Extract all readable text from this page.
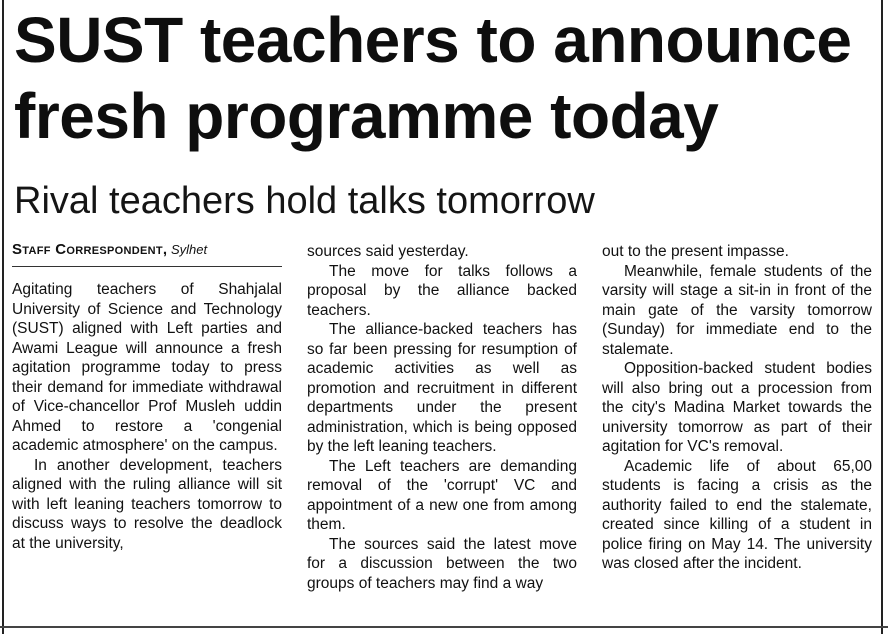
SUST teachers to announce fresh programme today
Rival teachers hold talks tomorrow
Staff Correspondent, Sylhet

Agitating teachers of Shahjalal University of Science and Technology (SUST) aligned with Left parties and Awami League will announce a fresh agitation programme today to press their demand for immediate withdrawal of Vice-chancellor Prof Musleh uddin Ahmed to restore a 'congenial academic atmosphere' on the campus.

In another development, teachers aligned with the ruling alliance will sit with left leaning teachers tomorrow to discuss ways to resolve the deadlock at the university,

sources said yesterday.

The move for talks follows a proposal by the alliance backed teachers.

The alliance-backed teachers has so far been pressing for resumption of academic activities as well as promotion and recruitment in different departments under the present administration, which is being opposed by the left leaning teachers.

The Left teachers are demanding removal of the 'corrupt' VC and appointment of a new one from among them.

The sources said the latest move for a discussion between the two groups of teachers may find a way

out to the present impasse.

Meanwhile, female students of the varsity will stage a sit-in in front of the main gate of the varsity tomorrow (Sunday) for immediate end to the stalemate.

Opposition-backed student bodies will also bring out a procession from the city's Madina Market towards the university tomorrow as part of their agitation for VC's removal.

Academic life of about 65,00 students is facing a crisis as the authority failed to end the stalemate, created since killing of a student in police firing on May 14. The university was closed after the incident.
